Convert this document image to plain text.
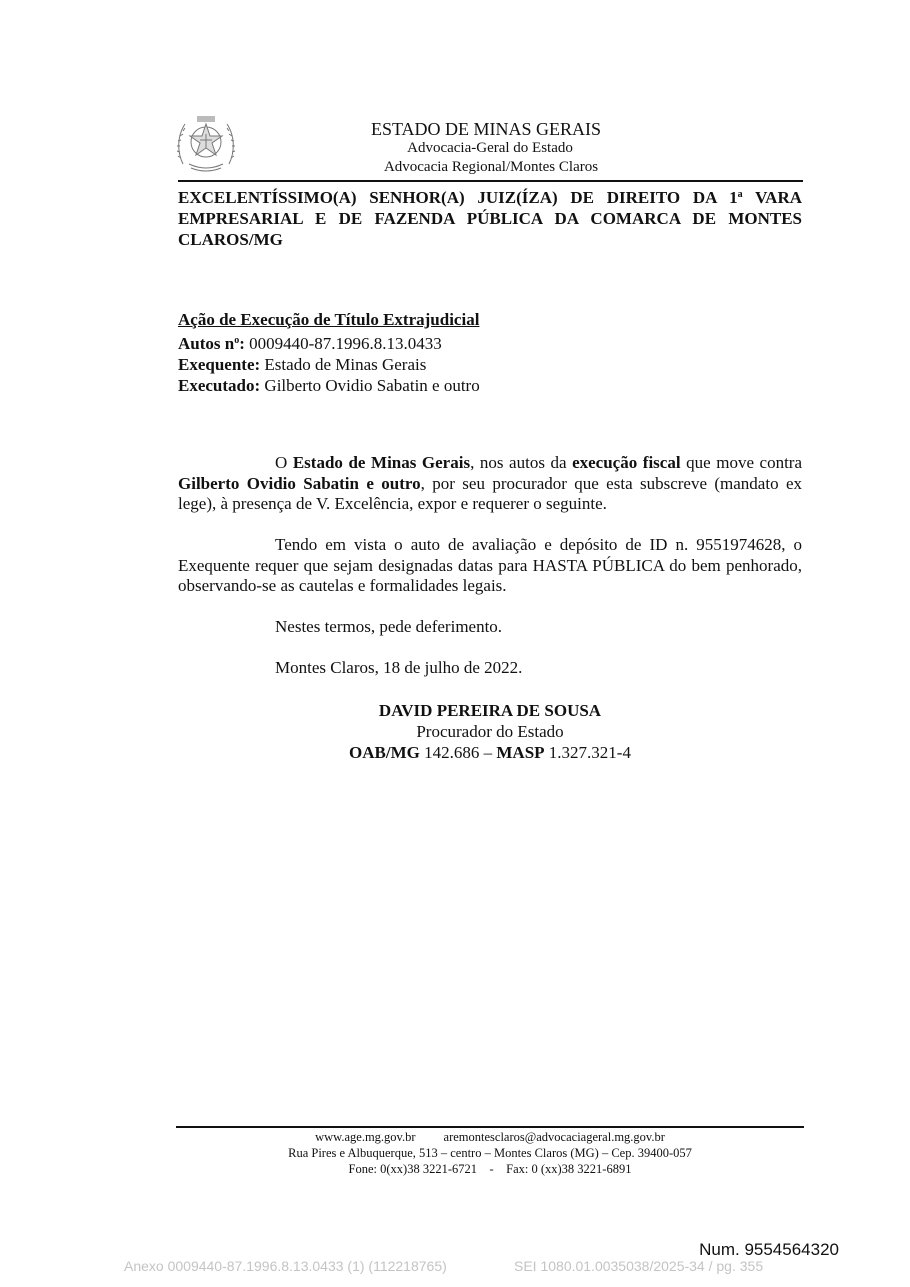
ESTADO DE MINAS GERAIS
Advocacia-Geral do Estado
Advocacia Regional/Montes Claros
EXCELENTÍSSIMO(A) SENHOR(A) JUIZ(ÍZA) DE DIREITO DA 1$^a$ VARA EMPRESARIAL E DE FAZENDA PÚBLICA DA COMARCA DE MONTES CLAROS/MG
Ação de Execução de Título Extrajudicial
Autos $n^o$: 0009440-87.1996.8.13.0433
Exequente: Estado de Minas Gerais
Executado: Gilberto Ovidio Sabatin e outro

O Estado de Minas Gerais, nos autos da execução fiscal que move contra Gilberto Ovidio Sabatin e outro, por seu procurador que esta subscreve (mandato ex lege), à presença de V. Excelência, expor e requerer o seguinte.

Tendo em vista o auto de avaliação e depósito de ID n. 9551974628, o Exequente requer que sejam designadas datas para HASTA PÚBLICA do bem penhorado, observando-se as cautelas e formalidades legais.

Nestes termos, pede deferimento.
Montes Claros, 18 de julho de 2022.
DAVID PEREIRA DE SOUSA
Procurador do Estado
OAB/MG 142.686 – MASP 1.327.321-4
www.age.mg.gov.br aremontesclaros@advocaciageral.mg.gov.br
Rua Pires e Albuquerque, 513 – centro – Montes Claros (MG) – Cep. 39400-057
Fone: 0(xx)38 3221-6721    -    Fax: 0 (xx)38 3221-6891
Num. 9554564320
Anexo 0009440-87.1996.8.13.0433 (1) (112218765)	SEI 1080.01.0035038/2025-34 / pg. 355
